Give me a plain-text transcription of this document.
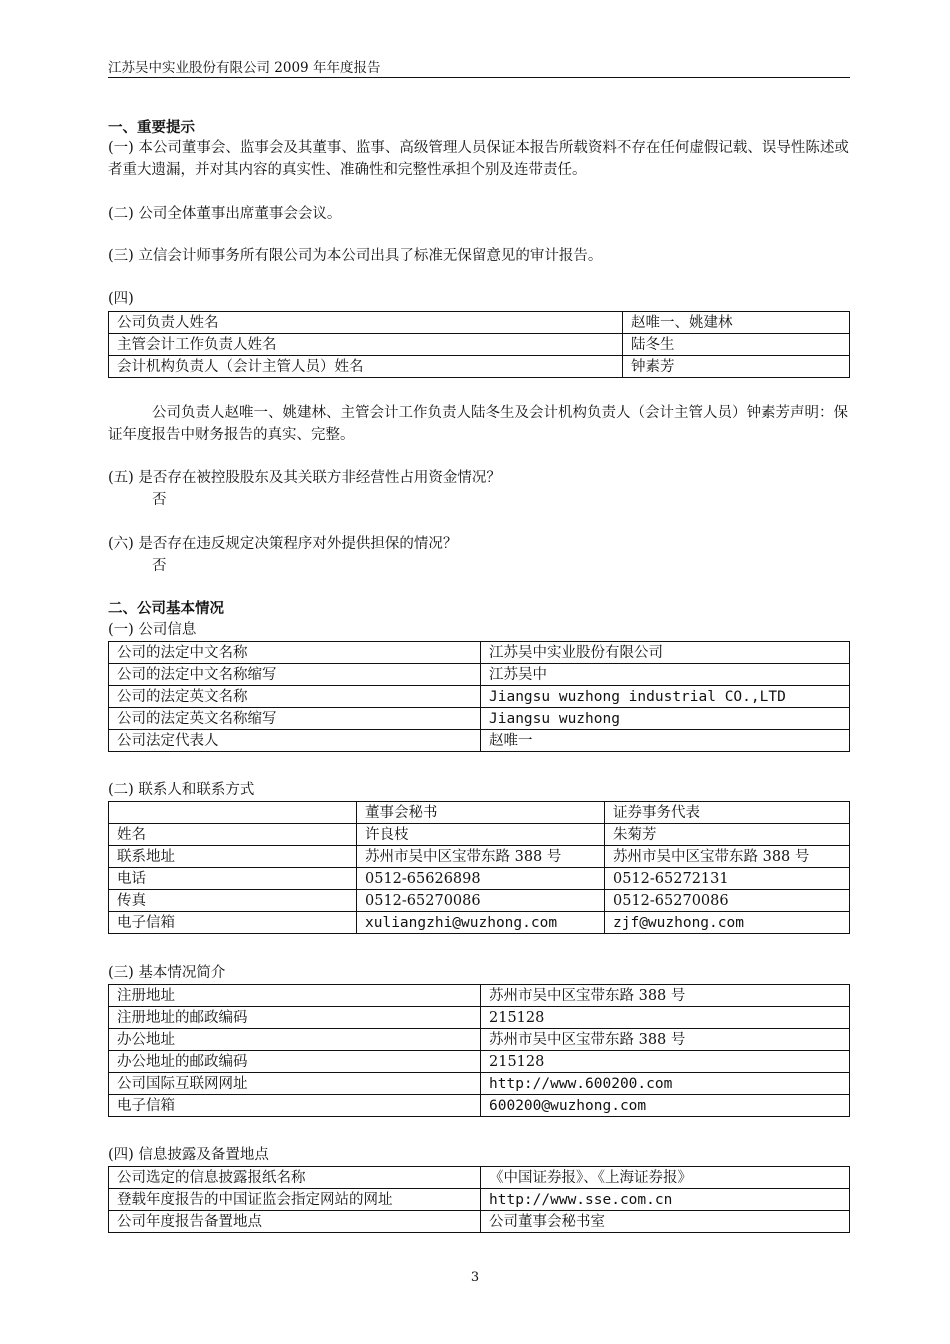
江苏吴中实业股份有限公司 2009 年年度报告
一、重要提示
(一) 本公司董事会、监事会及其董事、监事、高级管理人员保证本报告所载资料不存在任何虚假记载、误导性陈述或者重大遗漏，并对其内容的真实性、准确性和完整性承担个别及连带责任。
(二) 公司全体董事出席董事会会议。
(三) 立信会计师事务所有限公司为本公司出具了标准无保留意见的审计报告。
(四)
公司负责人姓名	赵唯一、姚建林
主管会计工作负责人姓名	陆冬生
会计机构负责人（会计主管人员）姓名	钟素芳
公司负责人赵唯一、姚建林、主管会计工作负责人陆冬生及会计机构负责人（会计主管人员）钟素芳声明：保证年度报告中财务报告的真实、完整。
(五) 是否存在被控股股东及其关联方非经营性占用资金情况？
否
(六) 是否存在违反规定决策程序对外提供担保的情况？
否
二、公司基本情况
(一) 公司信息
公司的法定中文名称	江苏吴中实业股份有限公司
公司的法定中文名称缩写	江苏吴中
公司的法定英文名称	Jiangsu wuzhong industrial CO.,LTD
公司的法定英文名称缩写	Jiangsu wuzhong
公司法定代表人	赵唯一
(二) 联系人和联系方式
	董事会秘书	证券事务代表
姓名	许良枝	朱菊芳
联系地址	苏州市吴中区宝带东路 388 号	苏州市吴中区宝带东路 388 号
电话	0512-65626898	0512-65272131
传真	0512-65270086	0512-65270086
电子信箱	xuliangzhi@wuzhong.com	zjf@wuzhong.com
(三) 基本情况简介
注册地址	苏州市吴中区宝带东路 388 号
注册地址的邮政编码	215128
办公地址	苏州市吴中区宝带东路 388 号
办公地址的邮政编码	215128
公司国际互联网网址	http://www.600200.com
电子信箱	600200@wuzhong.com
(四) 信息披露及备置地点
公司选定的信息披露报纸名称	《中国证券报》、《上海证券报》
登载年度报告的中国证监会指定网站的网址	http://www.sse.com.cn
公司年度报告备置地点	公司董事会秘书室
3
